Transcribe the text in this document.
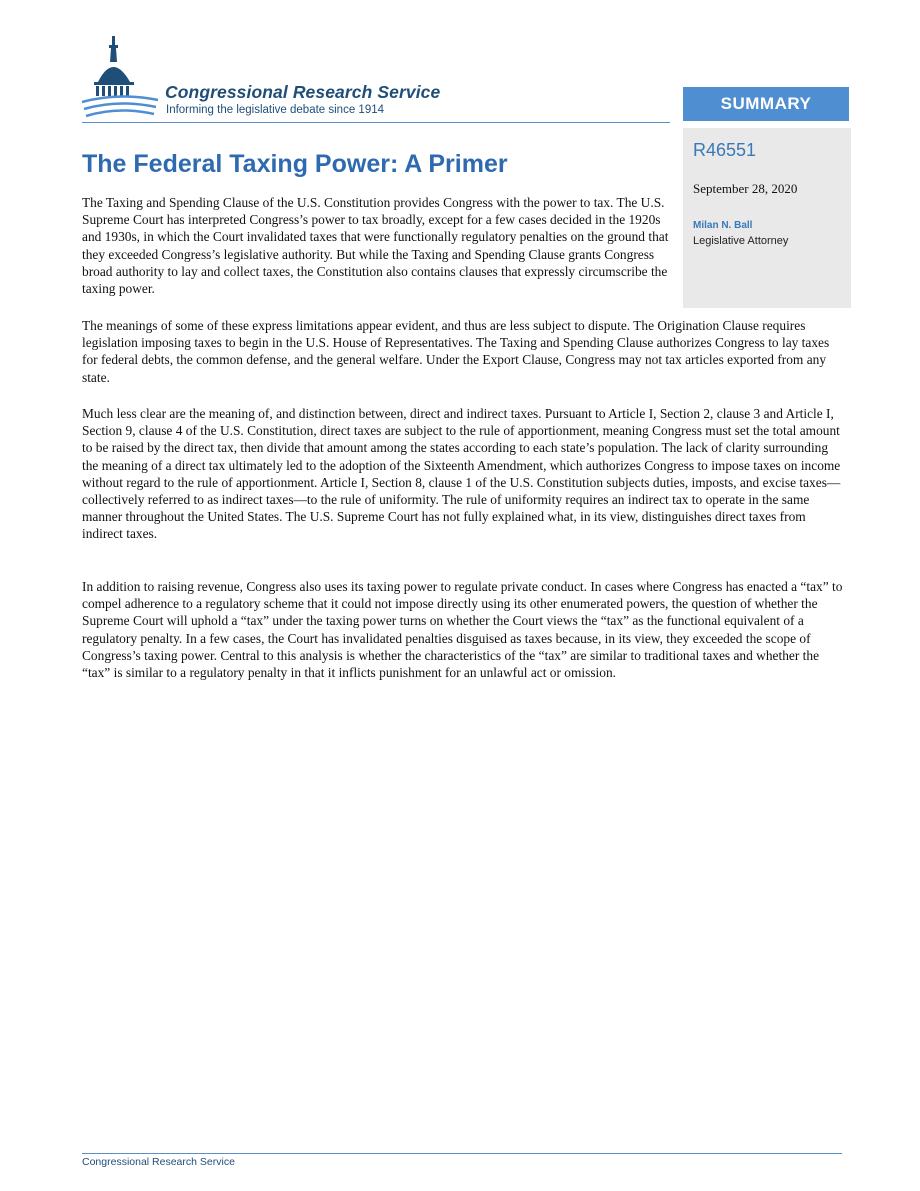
Congressional Research Service
Informing the legislative debate since 1914	SUMMARY
R46551
September 28, 2020
Milan N. Ball
Legislative Attorney
The Federal Taxing Power: A Primer

The Taxing and Spending Clause of the U.S. Constitution provides Congress with the power to tax. The U.S. Supreme Court has interpreted Congress’s power to tax broadly, except for a few cases decided in the 1920s and 1930s, in which the Court invalidated taxes that were functionally regulatory penalties on the ground that they exceeded Congress’s legislative authority. But while the Taxing and Spending Clause grants Congress broad authority to lay and collect taxes, the Constitution also contains clauses that expressly circumscribe the taxing power.

The meanings of some of these express limitations appear evident, and thus are less subject to dispute. The Origination Clause requires legislation imposing taxes to begin in the U.S. House of Representatives. The Taxing and Spending Clause authorizes Congress to lay taxes for federal debts, the common defense, and the general welfare. Under the Export Clause, Congress may not tax articles exported from any state.

Much less clear are the meaning of, and distinction between, direct and indirect taxes. Pursuant to Article I, Section 2, clause 3 and Article I, Section 9, clause 4 of the U.S. Constitution, direct taxes are subject to the rule of apportionment, meaning Congress must set the total amount to be raised by the direct tax, then divide that amount among the states according to each state’s population. The lack of clarity surrounding the meaning of a direct tax ultimately led to the adoption of the Sixteenth Amendment, which authorizes Congress to impose taxes on income without regard to the rule of apportionment. Article I, Section 8, clause 1 of the U.S. Constitution subjects duties, imposts, and excise taxes—collectively referred to as indirect taxes—to the rule of uniformity. The rule of uniformity requires an indirect tax to operate in the same manner throughout the United States. The U.S. Supreme Court has not fully explained what, in its view, distinguishes direct taxes from indirect taxes.

In addition to raising revenue, Congress also uses its taxing power to regulate private conduct. In cases where Congress has enacted a “tax” to compel adherence to a regulatory scheme that it could not impose directly using its other enumerated powers, the question of whether the Supreme Court will uphold a “tax” under the taxing power turns on whether the Court views the “tax” as the functional equivalent of a regulatory penalty. In a few cases, the Court has invalidated penalties disguised as taxes because, in its view, they exceeded the scope of Congress’s taxing power. Central to this analysis is whether the characteristics of the “tax” are similar to traditional taxes and whether the “tax” is similar to a regulatory penalty in that it inflicts punishment for an unlawful act or omission.

Congressional Research Service
